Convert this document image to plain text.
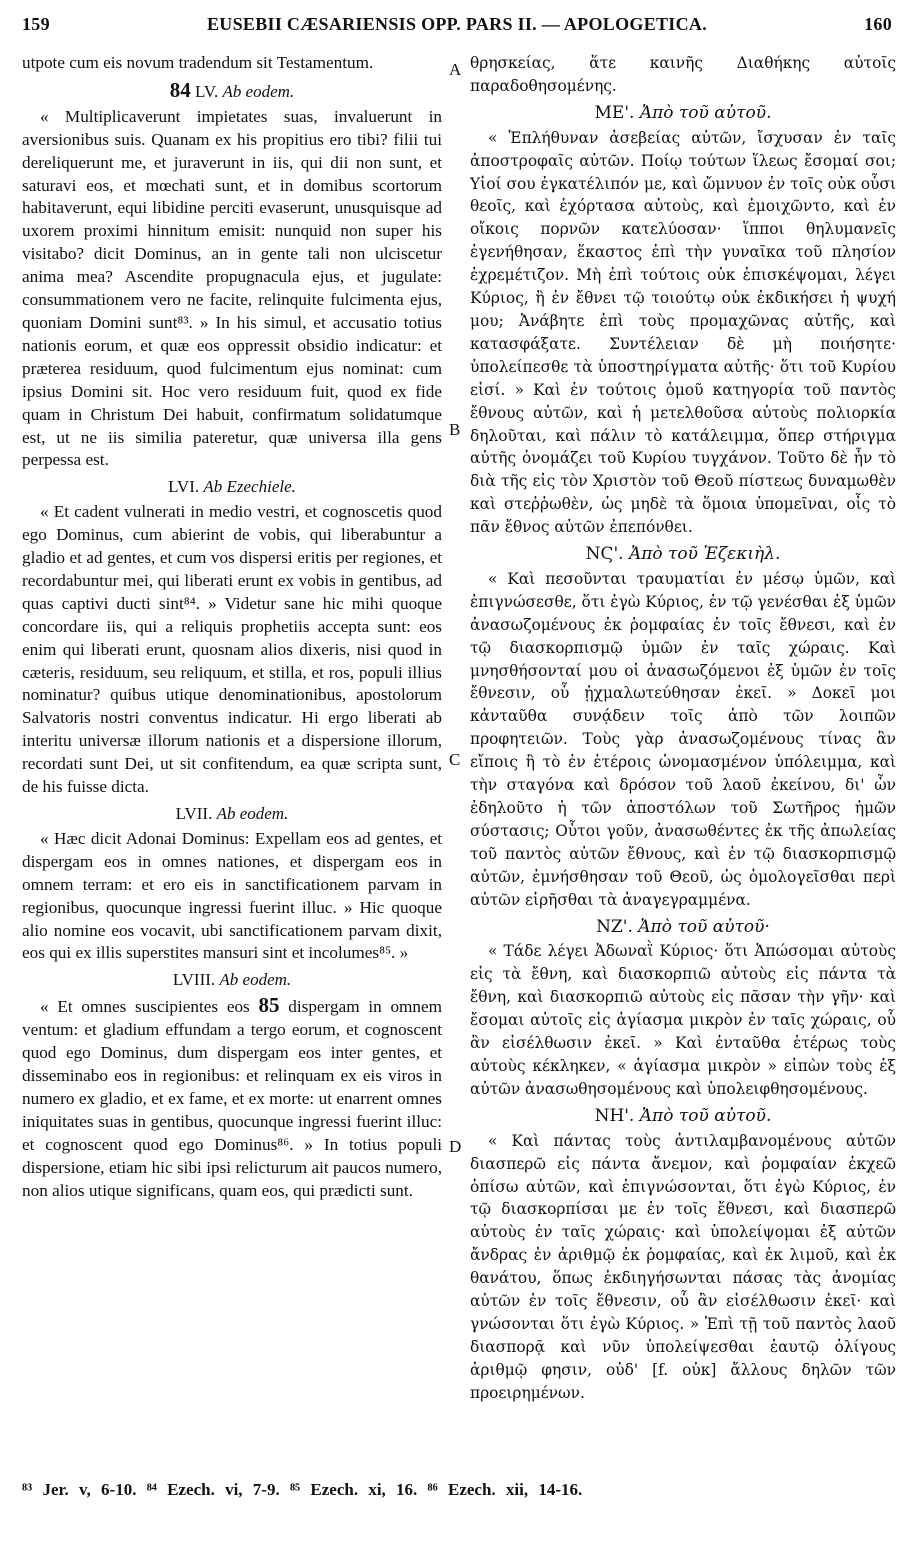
159	EUSEBII CÆSARIENSIS OPP. PARS II. — APOLOGETICA.	160

utpote cum eis novum tradendum sit Testamentum.

84 LV. Ab eodem.

« Multiplicaverunt impietates suas, invaluerunt in aversionibus suis. Quanam ex his propitius ero tibi? filii tui dereliquerunt me, et juraverunt in iis, qui dii non sunt, et saturavi eos, et mœchati sunt, et in domibus scortorum habitaverunt, equi libidine perciti evaserunt, unusquisque ad uxorem proximi hinnitum emisit: nunquid non super his visitabo? dicit Dominus, an in gente tali non ulciscetur anima mea? Ascendite propugnacula ejus, et jugulate: consummationem vero ne facite, relinquite fulcimenta ejus, quoniam Domini sunt⁸³. » In his simul, et accusatio totius nationis eorum, et quæ eos oppressit obsidio indicatur: et præterea residuum, quod fulcimentum ejus nominat: cum ipsius Domini sit. Hoc vero residuum fuit, quod ex fide quam in Christum Dei habuit, confirmatum solidatumque est, ut ne iis similia pateretur, quæ universa illa gens perpessa est.

LVI. Ab Ezechiele.

« Et cadent vulnerati in medio vestri, et cognoscetis quod ego Dominus, cum abierint de vobis, qui liberabuntur a gladio et ad gentes, et cum vos dispersi eritis per regiones, et recordabuntur mei, qui liberati erunt ex vobis in gentibus, ad quas captivi ducti sint⁸⁴. » Videtur sane hic mihi quoque concordare iis, qui a reliquis prophetiis accepta sunt: eos enim qui liberati erunt, quosnam alios dixeris, nisi quod in cæteris, residuum, seu reliquum, et stilla, et ros, populi illius nominatur? quibus utique denominationibus, apostolorum Salvatoris nostri conventus indicatur. Hi ergo liberati ab interitu universæ illorum nationis et a dispersione illorum, recordati sunt Dei, ut sit confitendum, ea quæ scripta sunt, de his fuisse dicta.

LVII. Ab eodem.

« Hæc dicit Adonai Dominus: Expellam eos ad gentes, et dispergam eos in omnes nationes, et dispergam eos in omnem terram: et ero eis in sanctificationem parvam in regionibus, quocunque ingressi fuerint illuc. » Hic quoque alio nomine eos vocavit, ubi sanctificationem parvam dixit, eos qui ex illis superstites mansuri sint et incolumes⁸⁵. »

LVIII. Ab eodem.

« Et omnes suscipientes eos 85 dispergam in omnem ventum: et gladium effundam a tergo eorum, et cognoscent quod ego Dominus, dum dispergam eos inter gentes, et disseminabo eos in regionibus: et relinquam ex eis viros in numero ex gladio, et ex fame, et ex morte: ut enarrent omnes iniquitates suas in gentibus, quocunque ingressi fuerint illuc: et cognoscent quod ego Dominus⁸⁶. » In totius populi dispersione, etiam hic sibi ipsi relicturum ait paucos numero, non alios utique significans, quam eos, qui prædicti sunt.

A
B
C
D

θρησκείας, ἅτε καινῆς Διαθήκης αὐτοῖς παραδοθησομένης.

ΜΕ'. Ἀπὸ τοῦ αὐτοῦ.

« Ἐπλήθυναν ἀσεβείας αὐτῶν, ἴσχυσαν ἐν ταῖς ἀποστροφαῖς αὐτῶν. Ποίῳ τούτων ἵλεως ἔσομαί σοι; Υἱοί σου ἐγκατέλιπόν με, καὶ ὤμνυον ἐν τοῖς οὐκ οὖσι θεοῖς, καὶ ἐχόρτασα αὐτοὺς, καὶ ἐμοιχῶντο, καὶ ἐν οἴκοις πορνῶν κατελύοσαν· ἵπποι θηλυμανεῖς ἐγενήθησαν, ἕκαστος ἐπὶ τὴν γυναῖκα τοῦ πλησίον ἐχρεμέτιζον. Μὴ ἐπὶ τούτοις οὐκ ἐπισκέψομαι, λέγει Κύριος, ἢ ἐν ἔθνει τῷ τοιούτῳ οὐκ ἐκδικήσει ἡ ψυχή μου; Ἀνάβητε ἐπὶ τοὺς προμαχῶνας αὐτῆς, καὶ κατασφάξατε. Συντέλειαν δὲ μὴ ποιήσητε· ὑπολείπεσθε τὰ ὑποστηρίγματα αὐτῆς· ὅτι τοῦ Κυρίου εἰσί. » Καὶ ἐν τούτοις ὁμοῦ κατηγορία τοῦ παντὸς ἔθνους αὐτῶν, καὶ ἡ μετελθοῦσα αὐτοὺς πολιορκία δηλοῦται, καὶ πάλιν τὸ κατάλειμμα, ὅπερ στήριγμα αὐτῆς ὀνομάζει τοῦ Κυρίου τυγχάνον. Τοῦτο δὲ ἦν τὸ διὰ τῆς εἰς τὸν Χριστὸν τοῦ Θεοῦ πίστεως δυναμωθὲν καὶ στεῤῥωθὲν, ὡς μηδὲ τὰ ὅμοια ὑπομεῖναι, οἷς τὸ πᾶν ἔθνος αὐτῶν ἐπεπόνθει.

ΝϚ'. Ἀπὸ τοῦ Ἐζεκιὴλ.

« Καὶ πεσοῦνται τραυματίαι ἐν μέσῳ ὑμῶν, καὶ ἐπιγνώσεσθε, ὅτι ἐγὼ Κύριος, ἐν τῷ γενέσθαι ἐξ ὑμῶν ἀνασωζομένους ἐκ ῥομφαίας ἐν τοῖς ἔθνεσι, καὶ ἐν τῷ διασκορπισμῷ ὑμῶν ἐν ταῖς χώραις. Καὶ μνησθήσονταί μου οἱ ἀνασωζόμενοι ἐξ ὑμῶν ἐν τοῖς ἔθνεσιν, οὗ ᾐχμαλωτεύθησαν ἐκεῖ. » Δοκεῖ μοι κἀνταῦθα συνᾴδειν τοῖς ἀπὸ τῶν λοιπῶν προφητειῶν. Τοὺς γὰρ ἀνασωζομένους τίνας ἂν εἴποις ἢ τὸ ἐν ἑτέροις ὠνομασμένον ὑπόλειμμα, καὶ τὴν σταγόνα καὶ δρόσον τοῦ λαοῦ ἐκείνου, δι' ὧν ἐδηλοῦτο ἡ τῶν ἀποστόλων τοῦ Σωτῆρος ἡμῶν σύστασις; Οὗτοι γοῦν, ἀνασωθέντες ἐκ τῆς ἀπωλείας τοῦ παντὸς αὐτῶν ἔθνους, καὶ ἐν τῷ διασκορπισμῷ αὐτῶν, ἐμνήσθησαν τοῦ Θεοῦ, ὡς ὁμολογεῖσθαι περὶ αὐτῶν εἰρῆσθαι τὰ ἀναγεγραμμένα.

ΝΖ'. Ἀπὸ τοῦ αὐτοῦ·

« Τάδε λέγει Ἀδωναῒ Κύριος· ὅτι Ἀπώσομαι αὐτοὺς εἰς τὰ ἔθνη, καὶ διασκορπιῶ αὐτοὺς εἰς πάντα τὰ ἔθνη, καὶ διασκορπιῶ αὐτοὺς εἰς πᾶσαν τὴν γῆν· καὶ ἔσομαι αὐτοῖς εἰς ἁγίασμα μικρὸν ἐν ταῖς χώραις, οὗ ἂν εἰσέλθωσιν ἐκεῖ. » Καὶ ἐνταῦθα ἑτέρως τοὺς αὐτοὺς κέκληκεν, « ἁγίασμα μικρὸν » εἰπὼν τοὺς ἐξ αὐτῶν ἀνασωθησομένους καὶ ὑπολειφθησομένους.

ΝΗ'. Ἀπὸ τοῦ αὐτοῦ.

« Καὶ πάντας τοὺς ἀντιλαμβανομένους αὐτῶν διασπερῶ εἰς πάντα ἄνεμον, καὶ ῥομφαίαν ἐκχεῶ ὀπίσω αὐτῶν, καὶ ἐπιγνώσονται, ὅτι ἐγὼ Κύριος, ἐν τῷ διασκορπίσαι με ἐν τοῖς ἔθνεσι, καὶ διασπερῶ αὐτοὺς ἐν ταῖς χώραις· καὶ ὑπολείψομαι ἐξ αὐτῶν ἄνδρας ἐν ἀριθμῷ ἐκ ῥομφαίας, καὶ ἐκ λιμοῦ, καὶ ἐκ θανάτου, ὅπως ἐκδιηγήσωνται πάσας τὰς ἀνομίας αὐτῶν ἐν τοῖς ἔθνεσιν, οὗ ἂν εἰσέλθωσιν ἐκεῖ· καὶ γνώσονται ὅτι ἐγὼ Κύριος. » Ἐπὶ τῇ τοῦ παντὸς λαοῦ διασπορᾷ καὶ νῦν ὑπολείψεσθαι ἑαυτῷ ὀλίγους ἀριθμῷ φησιν, οὐδ' [f. οὐκ] ἄλλους δηλῶν τῶν προειρημένων.

⁸³ Jer. v, 6-10. ⁸⁴ Ezech. vi, 7-9. ⁸⁵ Ezech. xi, 16. ⁸⁶ Ezech. xii, 14-16.
